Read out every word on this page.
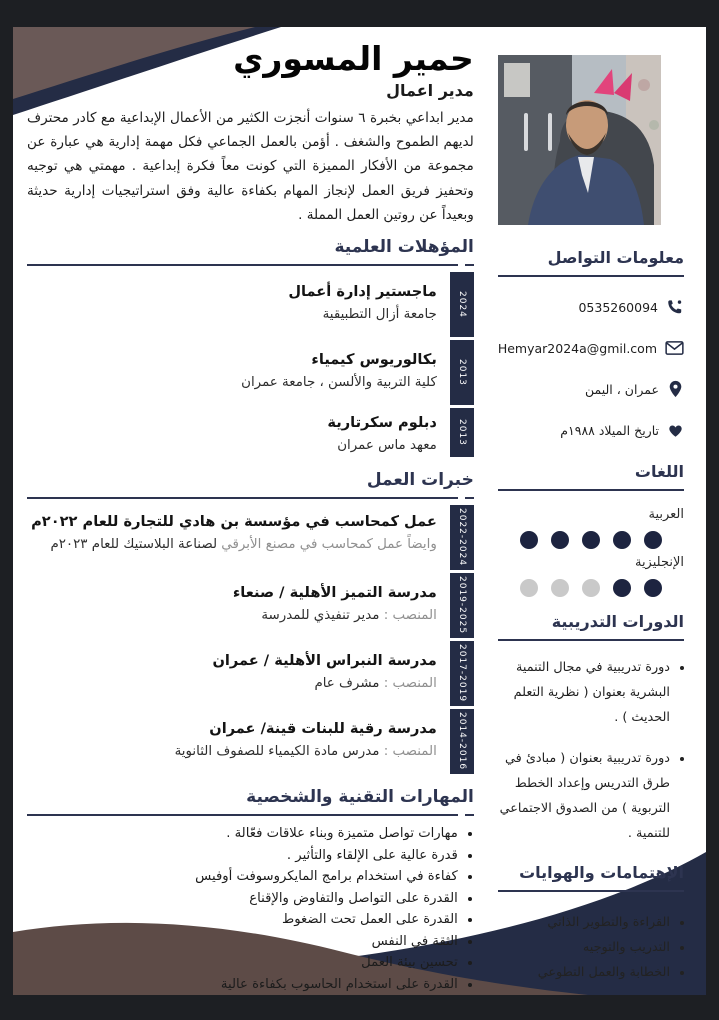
معلومات التواصل
0535260094
Hemyar2024a@gmil.com
عمران ، اليمن
تاريخ الميلاد ١٩٨٨م
اللغات
العربية
الإنجليزية
الدورات التدريبية
• دورة تدريبية في مجال التنمية البشرية بعنوان ( نظرية التعلم الحديث ) .
• دورة تدريبية بعنوان ( مبادئ في طرق التدريس وإعداد الخطط التربوية ) من الصدوق الاجتماعي للتنمية .
الإهتمامات والهوايات
• القراءة والتطوير الذاتي
• التدريب والتوجيه
• الخطابة والعمل التطوعي
حمير المسوري
مدير اعمال

مدير ابداعي بخبرة ٦ سنوات أنجزت الكثير من الأعمال الإبداعية مع كادر محترف لديهم الطموح والشغف . أؤمن بالعمل الجماعي فكل مهمة إدارية هي عبارة عن مجموعة من الأفكار المميزة التي كونت معاً فكرة إبداعية . مهمتي هي توجيه وتحفيز فريق العمل لإنجاز المهام بكفاءة عالية وفق استراتيجيات إدارية حديثة وبعيداً عن روتين العمل المملة .

المؤهلات العلمية
2024
ماجستير إدارة أعمال
جامعة أزال التطبيقية
2013
بكالوريوس كيمياء
كلية التربية والألسن ، جامعة عمران
2013
دبلوم سكرتارية
معهد ماس عمران
خبرات العمل
2022-2024
عمل كمحاسب في مؤسسة بن هادي للتجارة للعام ٢٠٢٢م
وايضاً عمل كمحاسب في مصنع الأبرقي لصناعة البلاستيك للعام ٢٠٢٣م
2019-2025
مدرسة التميز الأهلية / صنعاء
المنصب : مدير تنفيذي للمدرسة
2017-2019
مدرسة النبراس الأهلية / عمران
المنصب : مشرف عام
2014-2016
مدرسة رقية للبنات قينة/ عمران
المنصب : مدرس مادة الكيمياء للصفوف الثانوية
المهارات التقنية والشخصية
• مهارات تواصل متميزة وبناء علاقات فعّالة .
• قدرة عالية على الإلقاء والتأثير .
• كفاءة في استخدام برامج المايكروسوفت أوفيس
• القدرة على التواصل والتفاوض والإقناع
• القدرة على العمل تحت الضغوط
• الثقة في النفس
• تحسين بيئة العمل
• القدرة على استخدام الحاسوب بكفاءة عالية
